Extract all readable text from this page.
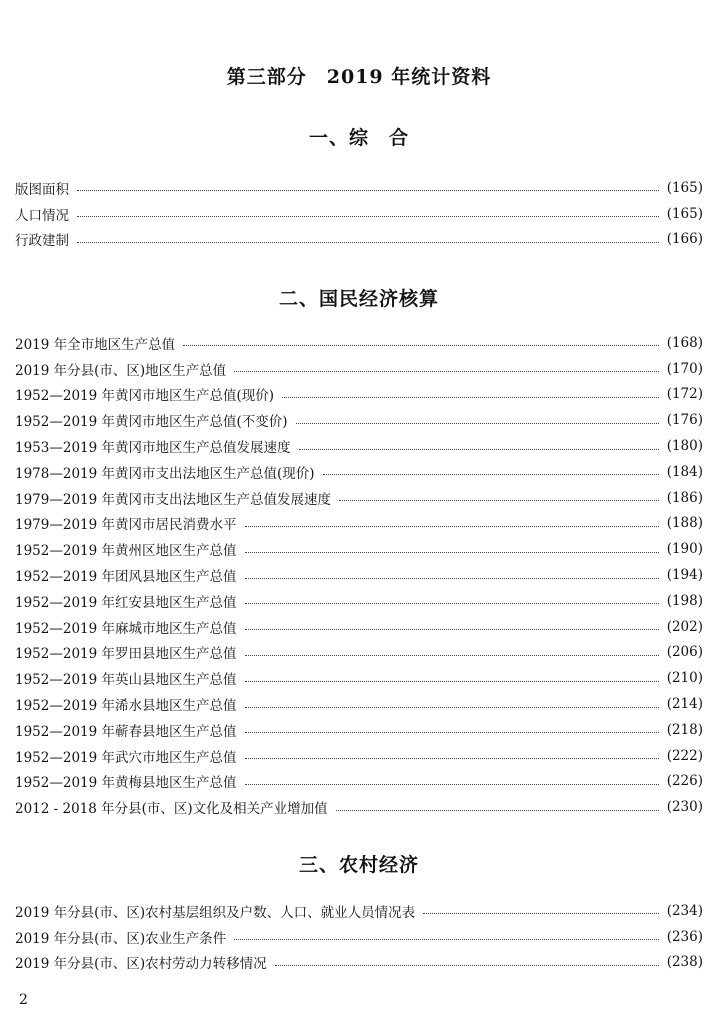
第三部分　2019 年统计资料
一、综　合
版图面积	(165)
人口情况	(165)
行政建制	(166)
二、国民经济核算
2019 年全市地区生产总值	(168)
2019 年分县(市、区)地区生产总值	(170)
1952—2019 年黄冈市地区生产总值(现价)	(172)
1952—2019 年黄冈市地区生产总值(不变价)	(176)
1953—2019 年黄冈市地区生产总值发展速度	(180)
1978—2019 年黄冈市支出法地区生产总值(现价)	(184)
1979—2019 年黄冈市支出法地区生产总值发展速度	(186)
1979—2019 年黄冈市居民消费水平	(188)
1952—2019 年黄州区地区生产总值	(190)
1952—2019 年团风县地区生产总值	(194)
1952—2019 年红安县地区生产总值	(198)
1952—2019 年麻城市地区生产总值	(202)
1952—2019 年罗田县地区生产总值	(206)
1952—2019 年英山县地区生产总值	(210)
1952—2019 年浠水县地区生产总值	(214)
1952—2019 年蕲春县地区生产总值	(218)
1952—2019 年武穴市地区生产总值	(222)
1952—2019 年黄梅县地区生产总值	(226)
2012 - 2018 年分县(市、区)文化及相关产业增加值	(230)
三、农村经济
2019 年分县(市、区)农村基层组织及户数、人口、就业人员情况表	(234)
2019 年分县(市、区)农业生产条件	(236)
2019 年分县(市、区)农村劳动力转移情况	(238)
2
